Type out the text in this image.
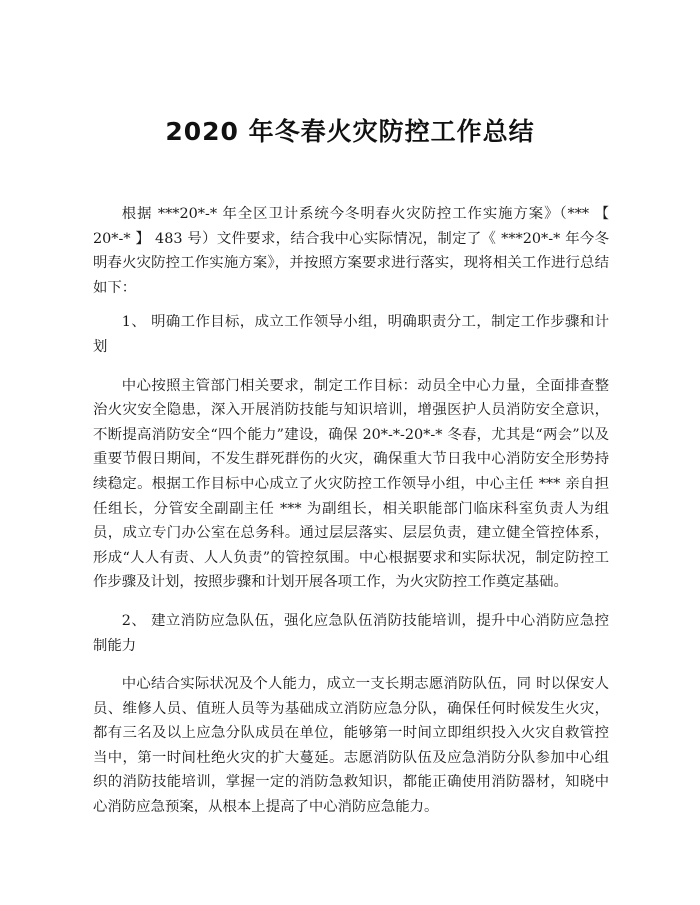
2020 年冬春火灾防控工作总结

根据 ***20*-* 年全区卫计系统今冬明春火灾防控工作实施方案》（*** 【 20*-* 】 483 号）文件要求，结合我中心实际情况，制定了《 ***20*-* 年今冬明春火灾防控工作实施方案》，并按照方案要求进行落实，现将相关工作进行总结如下：

1、 明确工作目标，成立工作领导小组，明确职责分工，制定工作步骤和计划

中心按照主管部门相关要求，制定工作目标：动员全中心力量，全面排查整治火灾安全隐患，深入开展消防技能与知识培训，增强医护人员消防安全意识，不断提高消防安全“四个能力”建设，确保 20*-*-20*-* 冬春，尤其是“两会”以及重要节假日期间，不发生群死群伤的火灾，确保重大节日我中心消防安全形势持续稳定。根据工作目标中心成立了火灾防控工作领导小组，中心主任 *** 亲自担任组长，分管安全副副主任 *** 为副组长，相关职能部门临床科室负责人为组员，成立专门办公室在总务科。通过层层落实、层层负责，建立健全管控体系，形成“人人有责、人人负责”的管控氛围。中心根据要求和实际状况，制定防控工作步骤及计划，按照步骤和计划开展各项工作，为火灾防控工作奠定基础。

2、 建立消防应急队伍，强化应急队伍消防技能培训，提升中心消防应急控制能力

中心结合实际状况及个人能力，成立一支长期志愿消防队伍，同 时以保安人员、维修人员、值班人员等为基础成立消防应急分队，确保任何时候发生火灾，都有三名及以上应急分队成员在单位，能够第一时间立即组织投入火灾自救管控当中，第一时间杜绝火灾的扩大蔓延。志愿消防队伍及应急消防分队参加中心组织的消防技能培训，掌握一定的消防急救知识，都能正确使用消防器材，知晓中心消防应急预案，从根本上提高了中心消防应急能力。
